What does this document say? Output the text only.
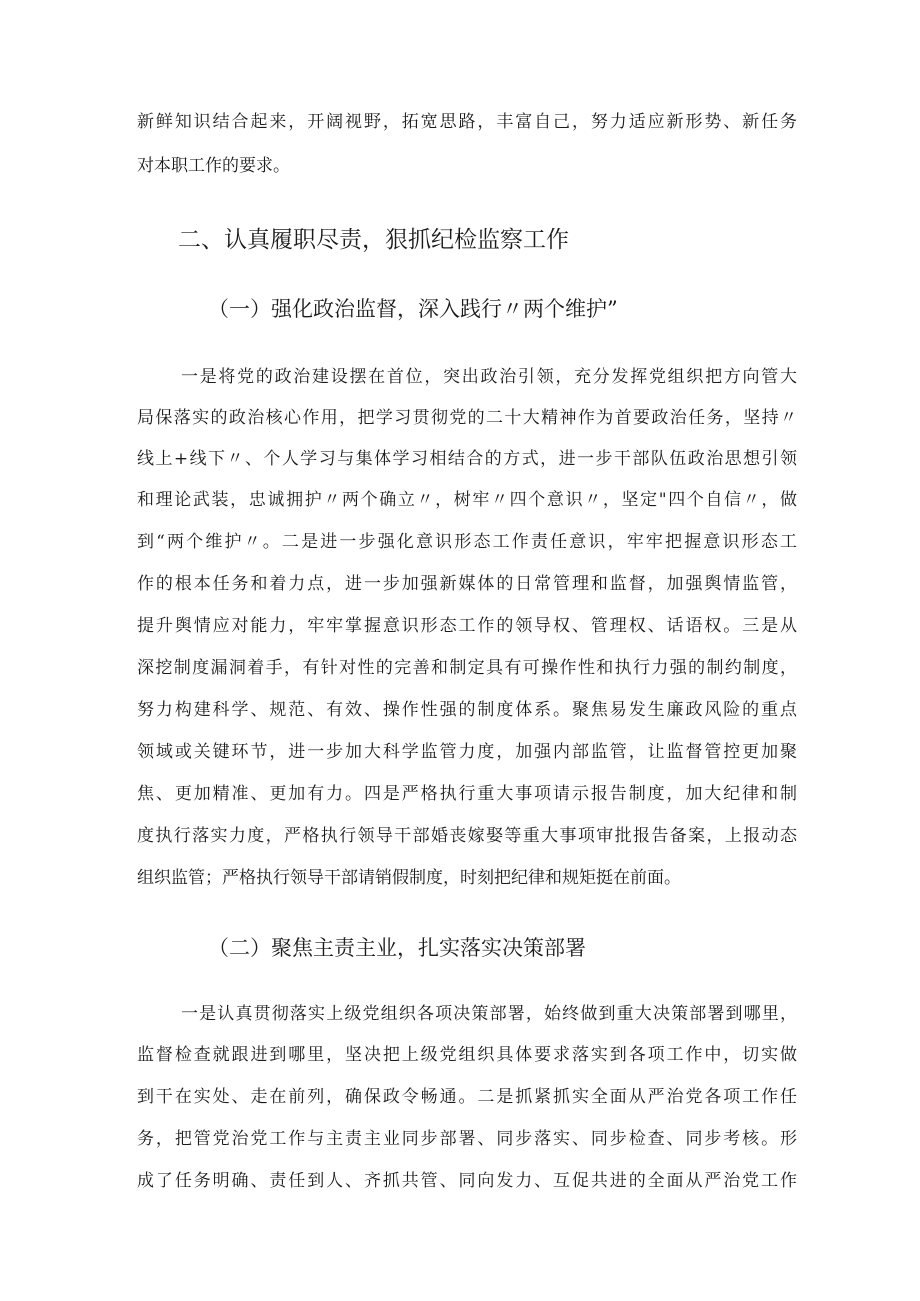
新鲜知识结合起来，开阔视野，拓宽思路，丰富自己，努力适应新形势、新任务
对本职工作的要求。
二、认真履职尽责，狠抓纪检监察工作
（一）强化政治监督，深入践行〃两个维护”
一是将党的政治建设摆在首位，突出政治引领，充分发挥党组织把方向管大
局保落实的政治核心作用，把学习贯彻党的二十大精神作为首要政治任务，坚持〃
线上+线下〃、个人学习与集体学习相结合的方式，进一步干部队伍政治思想引领
和理论武装，忠诚拥护〃两个确立〃，树牢〃四个意识〃，坚定"四个自信〃，做
到“两个维护〃。二是进一步强化意识形态工作责任意识，牢牢把握意识形态工
作的根本任务和着力点，进一步加强新媒体的日常管理和监督，加强舆情监管，
提升舆情应对能力，牢牢掌握意识形态工作的领导权、管理权、话语权。三是从
深挖制度漏洞着手，有针对性的完善和制定具有可操作性和执行力强的制约制度，
努力构建科学、规范、有效、操作性强的制度体系。聚焦易发生廉政风险的重点
领域或关键环节，进一步加大科学监管力度，加强内部监管，让监督管控更加聚
焦、更加精准、更加有力。四是严格执行重大事项请示报告制度，加大纪律和制
度执行落实力度，严格执行领导干部婚丧嫁娶等重大事项审批报告备案，上报动态
组织监管；严格执行领导干部请销假制度，时刻把纪律和规矩挺在前面。
（二）聚焦主责主业，扎实落实决策部署
一是认真贯彻落实上级党组织各项决策部署，始终做到重大决策部署到哪里，
监督检查就跟进到哪里，坚决把上级党组织具体要求落实到各项工作中，切实做
到干在实处、走在前列，确保政令畅通。二是抓紧抓实全面从严治党各项工作任
务，把管党治党工作与主责主业同步部署、同步落实、同步检查、同步考核。形
成了任务明确、责任到人、齐抓共管、同向发力、互促共进的全面从严治党工作
